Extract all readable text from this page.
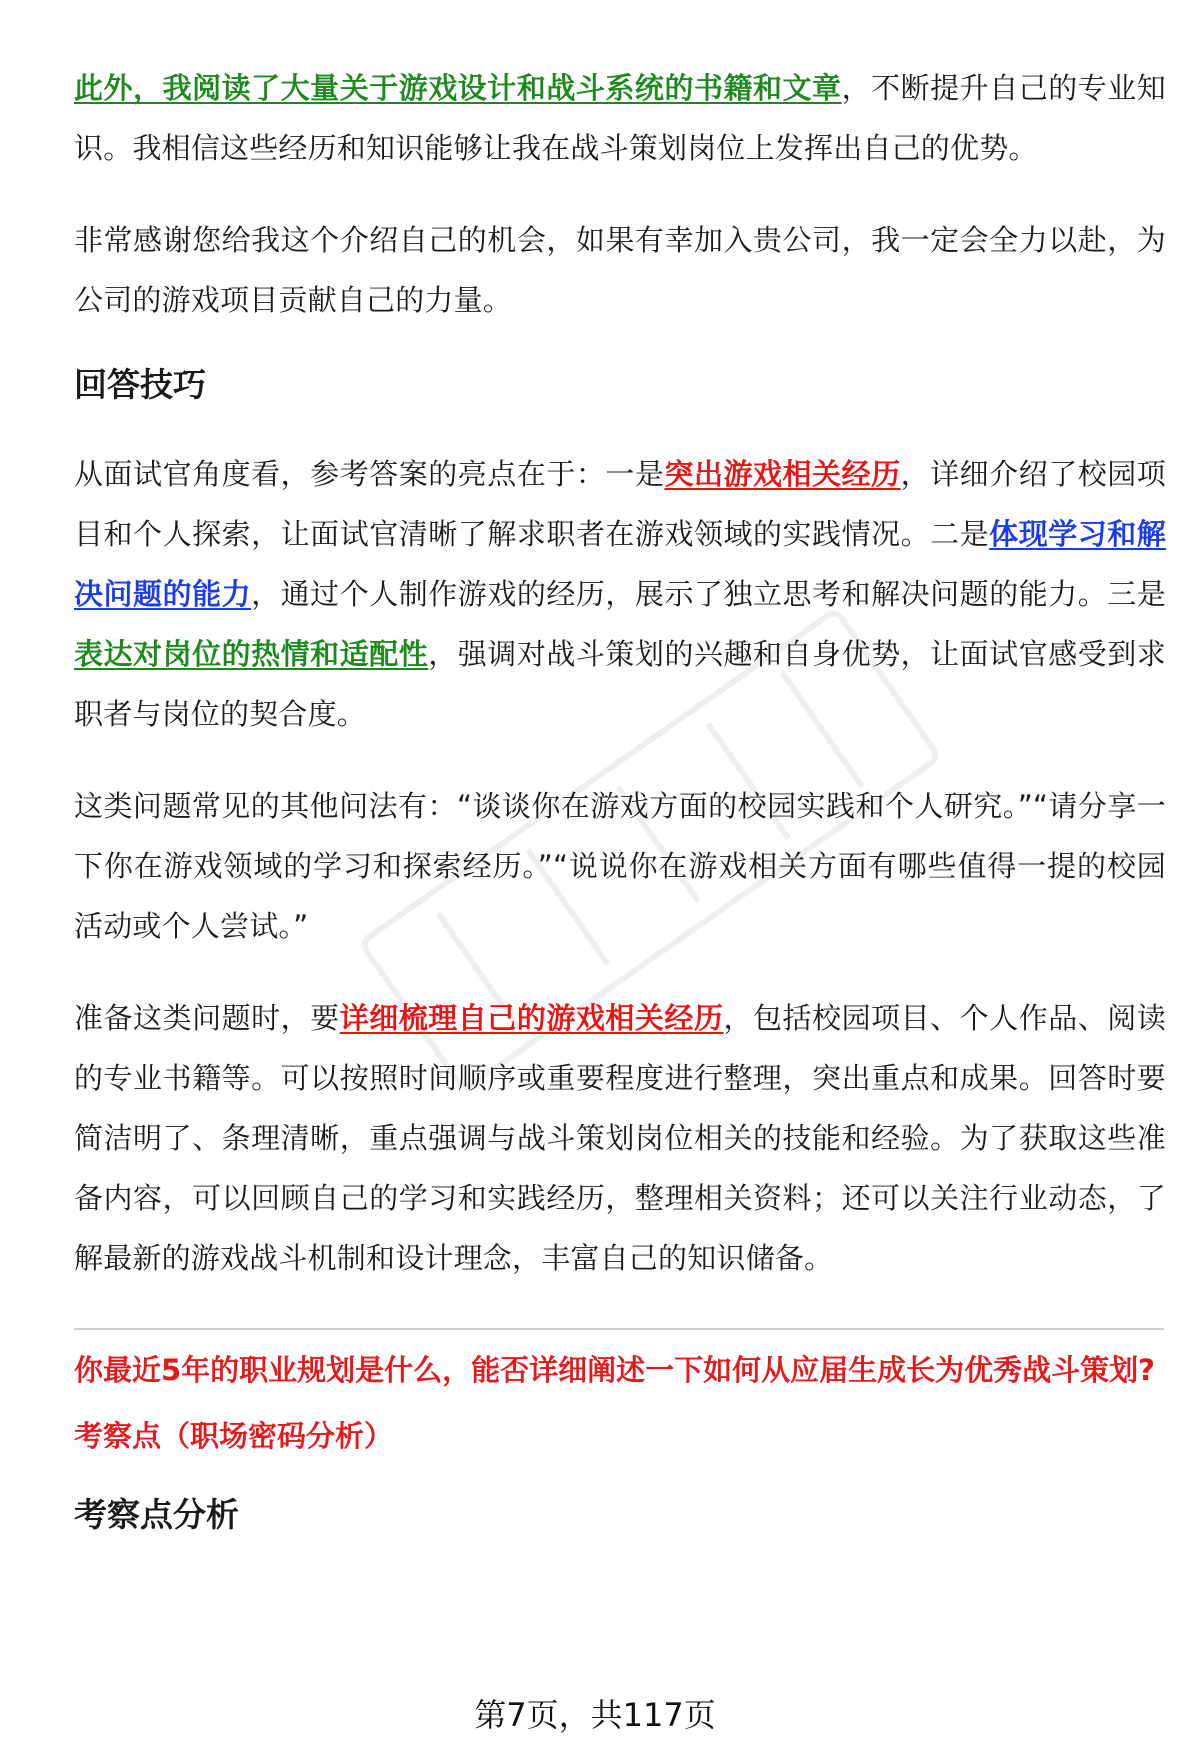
此外，我阅读了大量关于游戏设计和战斗系统的书籍和文章，不断提升自己的专业知识。我相信这些经历和知识能够让我在战斗策划岗位上发挥出自己的优势。

非常感谢您给我这个介绍自己的机会，如果有幸加入贵公司，我一定会全力以赴，为公司的游戏项目贡献自己的力量。

回答技巧

从面试官角度看，参考答案的亮点在于：一是突出游戏相关经历，详细介绍了校园项目和个人探索，让面试官清晰了解求职者在游戏领域的实践情况。二是体现学习和解决问题的能力，通过个人制作游戏的经历，展示了独立思考和解决问题的能力。三是表达对岗位的热情和适配性，强调对战斗策划的兴趣和自身优势，让面试官感受到求职者与岗位的契合度。

这类问题常见的其他问法有：“谈谈你在游戏方面的校园实践和个人研究。”“请分享一下你在游戏领域的学习和探索经历。”“说说你在游戏相关方面有哪些值得一提的校园活动或个人尝试。”

准备这类问题时，要详细梳理自己的游戏相关经历，包括校园项目、个人作品、阅读的专业书籍等。可以按照时间顺序或重要程度进行整理，突出重点和成果。回答时要简洁明了、条理清晰，重点强调与战斗策划岗位相关的技能和经验。为了获取这些准备内容，可以回顾自己的学习和实践经历，整理相关资料；还可以关注行业动态，了解最新的游戏战斗机制和设计理念，丰富自己的知识储备。

你最近5年的职业规划是什么，能否详细阐述一下如何从应届生成长为优秀战斗策划?

考察点（职场密码分析）

考察点分析
第7页，共117页
